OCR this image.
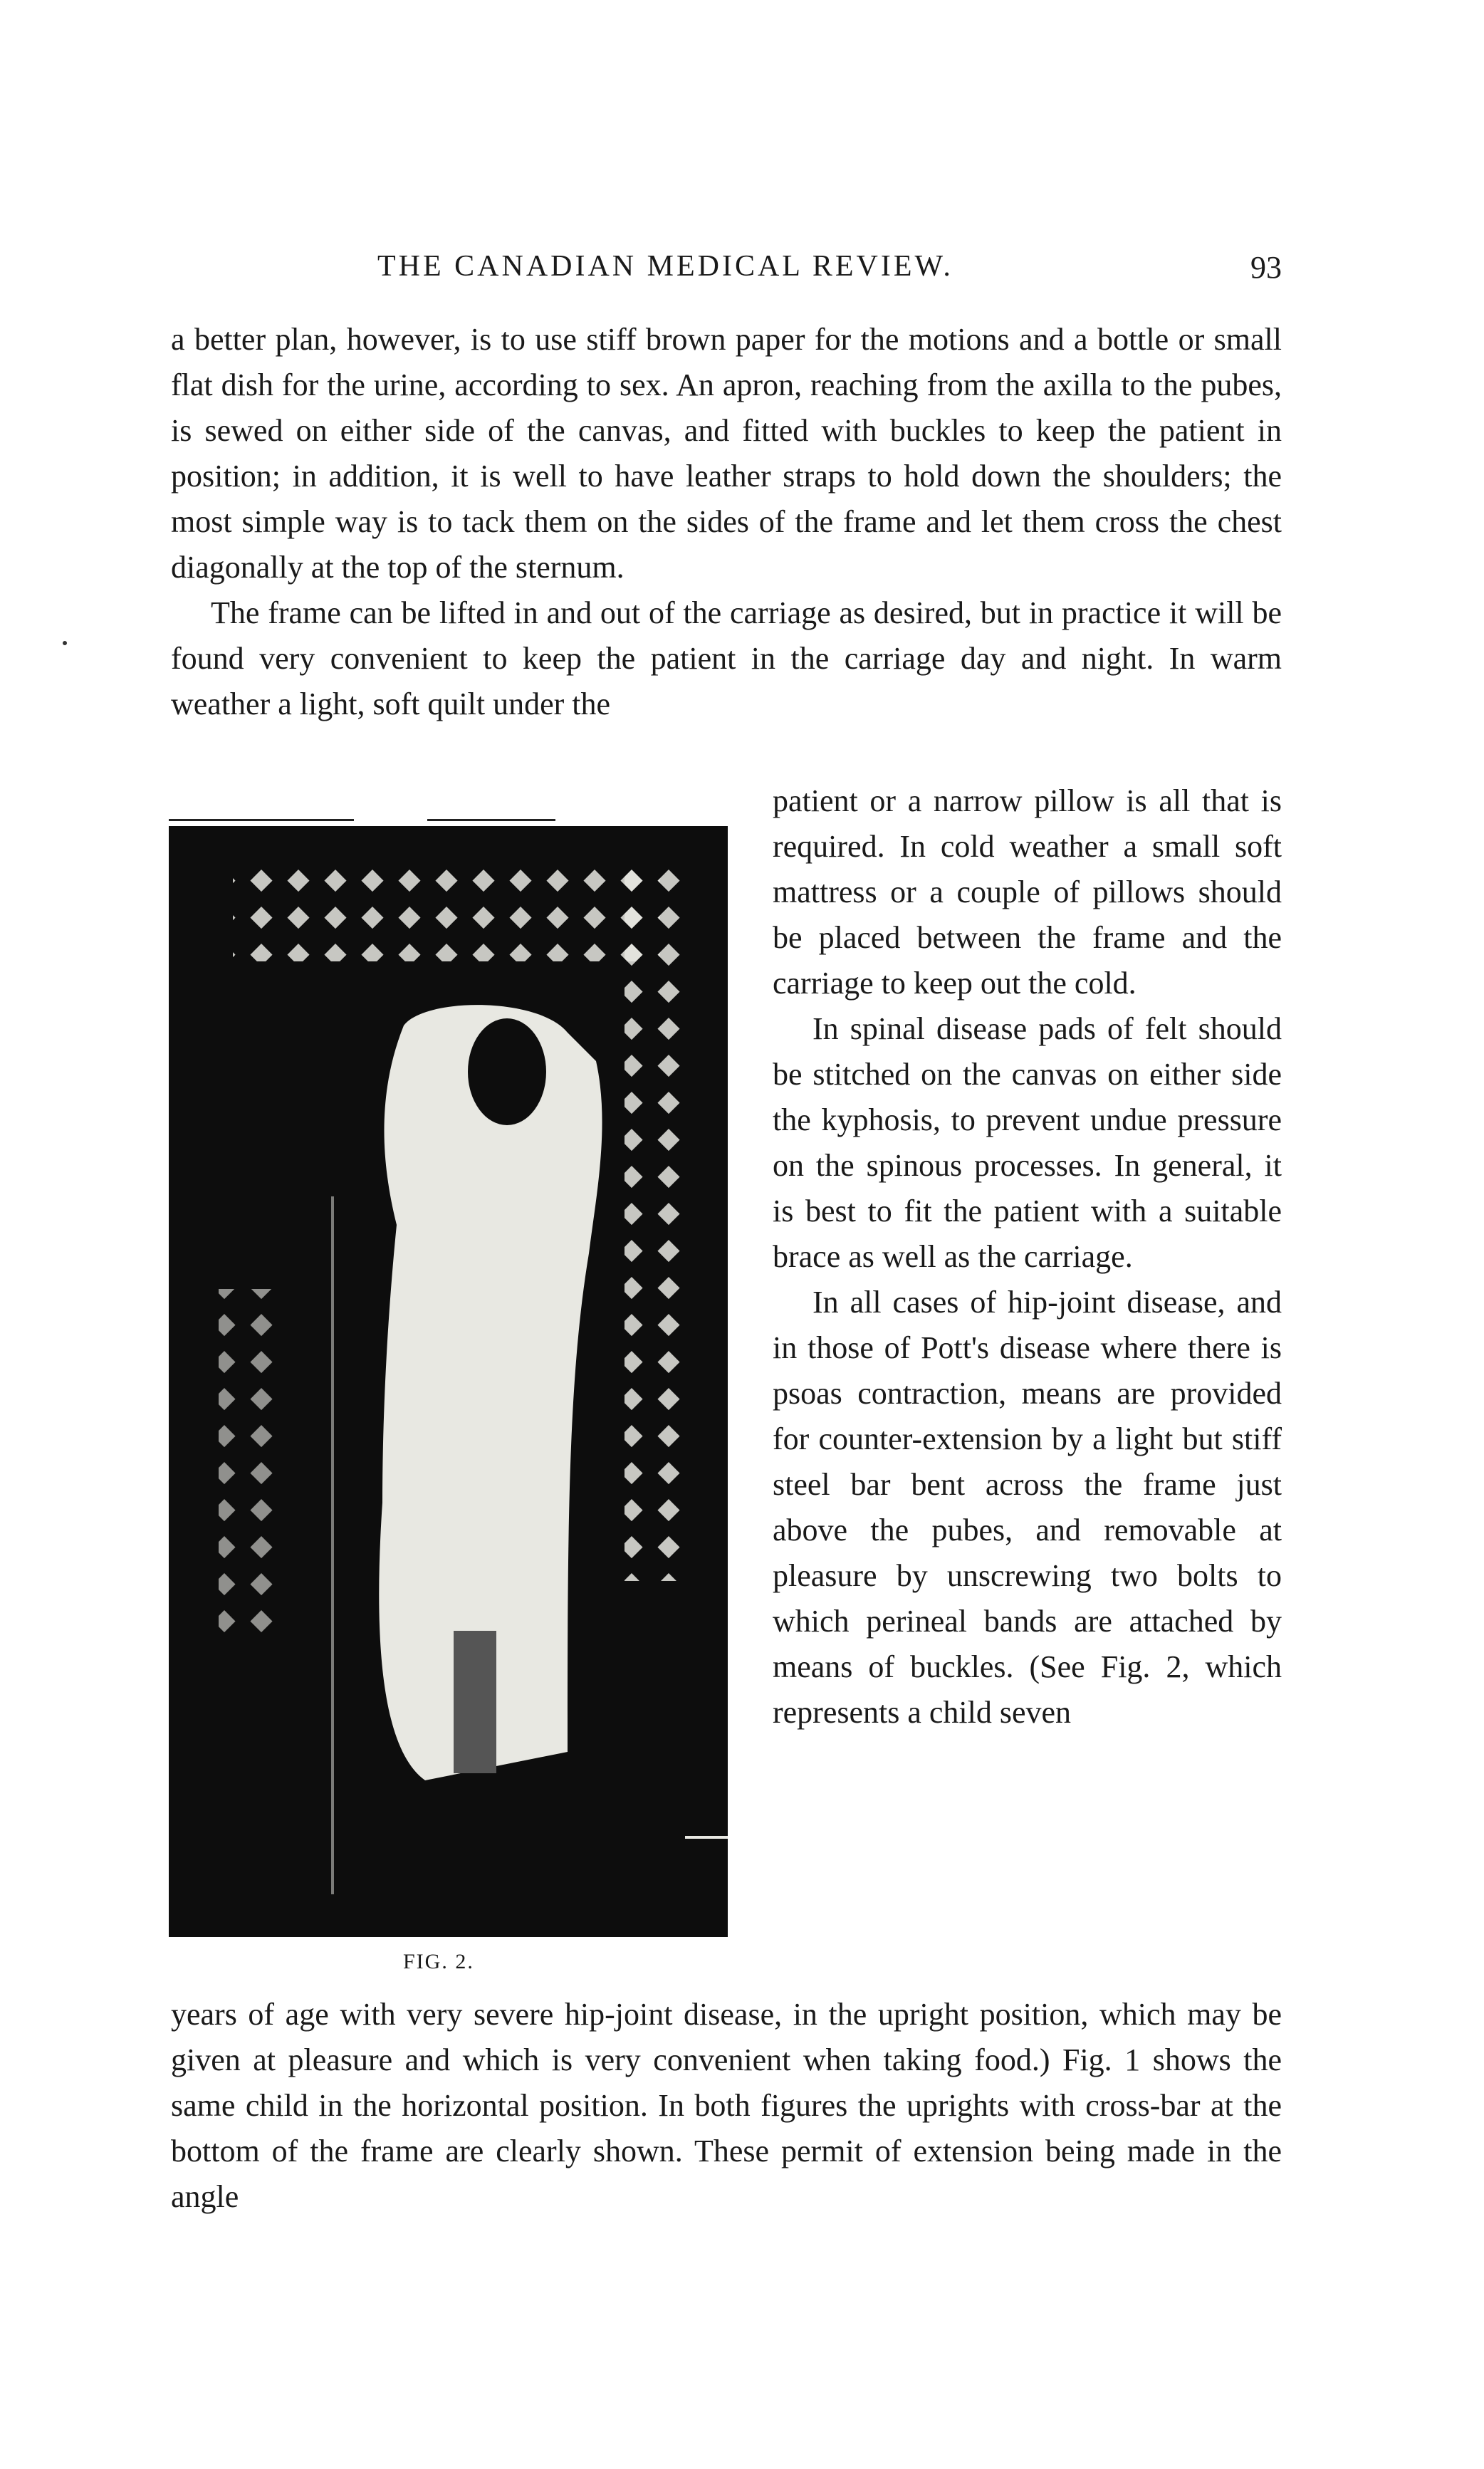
THE CANADIAN MEDICAL REVIEW.	93

a better plan, however, is to use stiff brown paper for the motions and a bottle or small flat dish for the urine, according to sex. An apron, reaching from the axilla to the pubes, is sewed on either side of the canvas, and fitted with buckles to keep the patient in position; in addition, it is well to have leather straps to hold down the shoulders; the most simple way is to tack them on the sides of the frame and let them cross the chest diagonally at the top of the sternum.

The frame can be lifted in and out of the carriage as desired, but in practice it will be found very convenient to keep the patient in the carriage day and night. In warm weather a light, soft quilt under the

FIG. 2.

patient or a narrow pillow is all that is required. In cold weather a small soft mattress or a couple of pillows should be placed between the frame and the carriage to keep out the cold.

In spinal disease pads of felt should be stitched on the canvas on either side the kyphosis, to prevent undue pressure on the spinous processes. In general, it is best to fit the patient with a suitable brace as well as the carriage.

In all cases of hip-joint disease, and in those of Pott's disease where there is psoas contraction, means are provided for counter-extension by a light but stiff steel bar bent across the frame just above the pubes, and removable at pleasure by unscrewing two bolts to which perineal bands are attached by means of buckles. (See Fig. 2, which represents a child seven

years of age with very severe hip-joint disease, in the upright position, which may be given at pleasure and which is very convenient when taking food.) Fig. 1 shows the same child in the horizontal position. In both figures the uprights with cross-bar at the bottom of the frame are clearly shown. These permit of extension being made in the angle
